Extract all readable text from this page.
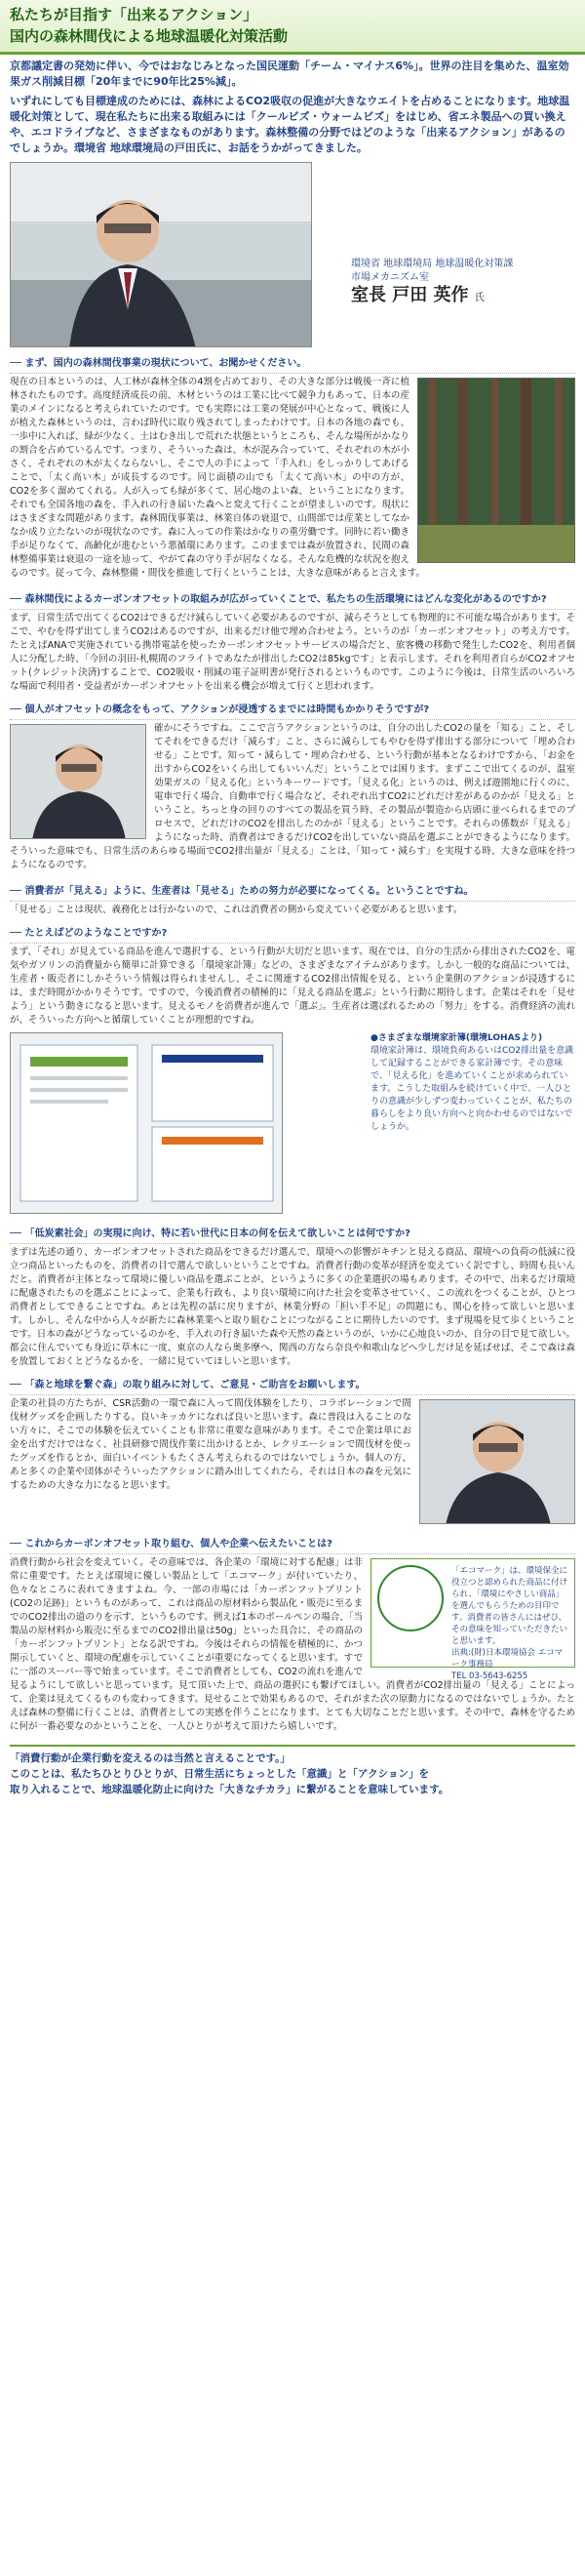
私たちが目指す「出来るアクション」
国内の森林間伐による地球温暖化対策活動

京都議定書の発効に伴い、今ではおなじみとなった国民運動「チーム・マイナス6%」。世界の注目を集めた、温室効果ガス削減目標「20年までに90年比25%減」。

いずれにしても目標達成のためには、森林によるCO2吸収の促進が大きなウエイトを占めることになります。地球温暖化対策として、現在私たちに出来る取組みには「クールビズ・ウォームビズ」をはじめ、省エネ製品への買い換えや、エコドライブなど、さまざまなものがあります。森林整備の分野ではどのような「出来るアクション」があるのでしょうか。環境省 地球環境局の戸田氏に、お話をうかがってきました。

環境省 地球環境局 地球温暖化対策課
市場メカニズム室
室長 戸田 英作 氏
── まず、国内の森林間伐事業の現状について、お聞かせください。

現在の日本というのは、人工林が森林全体の4割を占めており、その大きな部分は戦後一斉に植林されたものです。高度経済成長の前、木材というのは工業に比べて競争力もあって、日本の産業のメインになると考えられていたのです。でも実際には工業の発展が中心となって、戦後に人が植えた森林というのは、言わば時代に取り残されてしまったわけです。日本の各地の森でも、一歩中に入れば、緑が少なく、土はむき出しで荒れた状態というところも、そんな場所がかなりの割合を占めているんです。つまり、そういった森は、木が混み合っていて、それぞれの木が小さく、それぞれの木が太くならないし、そこで人の手によって「手入れ」をしっかりしてあげることで、「太く高い木」が成長するのです。同じ面積の山でも「太くて高い木」の中の方が、CO2を多く溜めてくれる。人が入っても緑が多くて、居心地のよい森、ということになります。それでも全国各地の森を、手入れの行き届いた森へと変えて行くことが望ましいのです。現状にはさまざまな問題があります。森林間伐事業は、林業自体の衰退で、山間部では産業としてなかなか成り立たないのが現状なのです。森に入っての作業はかなりの重労働です。同時に若い働き手が足りなくて、高齢化が進むという悪循環にあります。このままでは森が放置され、民間の森林整備事業は衰退の一途を辿って、やがて森の守り手が居なくなる。そんな危機的な状況を抱えるのです。従って今、森林整備・間伐を推進して行くということは、大きな意味があると言えます。

── 森林間伐によるカーボンオフセットの取組みが広がっていくことで、私たちの生活環境にはどんな変化があるのですか?

まず、日常生活で出てくるCO2はできるだけ減らしていく必要があるのですが、減らそうとしても物理的に不可能な場合があります。そこで、やむを得ず出てしまうCO2はあるのですが、出来るだけ他で埋め合わせよう。というのが「カーボンオフセット」の考え方です。たとえばANAで実施されている携帯電話を使ったカーボンオフセットサービスの場合だと、旅客機の移動で発生したCO2を、利用者個人に分配した時、「今回の羽田-札幌間のフライトであなたが排出したCO2は85kgです」と表示します。それを利用者自らがCO2オフセット(クレジット決済)することで、CO2吸収・削減の電子証明書が発行されるというものです。このように今後は、日常生活のいろいろな場面で利用者・受益者がカーボンオフセットを出来る機会が増えて行くと思われます。

── 個人がオフセットの概念をもって、アクションが浸透するまでには時間もかかりそうですが?

確かにそうですね。ここで言うアクションというのは、自分の出したCO2の量を「知る」こと、そしてそれをできるだけ「減らす」こと、さらに減らしてもやむを得ず排出する部分について「埋め合わせる」ことです。知って・減らして・埋め合わせる、という行動が基本となるわけですから、「お金を出すからCO2をいくら出してもいいんだ」ということでは困ります。まずここで出てくるのが、温室効果ガスの「見える化」というキーワードです。「見える化」というのは、例えば遊園地に行くのに、電車で行く場合、自動車で行く場合など、それぞれ出すCO2にどれだけ差があるのかが「見える」ということ。ちっと身の回りのすべての製品を買う時、その製品が製造から店頭に並べられるまでのプロセスで、どれだけのCO2を排出したのかが「見える」ということです。それらの係数が「見える」ようになった時、消費者はできるだけCO2を出していない商品を選ぶことができるようになります。そういった意味でも、日常生活のあらゆる場面でCO2排出量が「見える」ことは、「知って・減らす」を実現する時、大きな意味を持つようになるのです。

── 消費者が「見える」ように、生産者は「見せる」ための努力が必要になってくる。ということですね。

「見せる」ことは現状、義務化とは行かないので、これは消費者の側から変えていく必要があると思います。

── たとえばどのようなことですか?

まず、「それ」が見えている商品を進んで選択する、という行動が大切だと思います。現在では、自分の生活から排出されたCO2を、電気やガソリンの消費量から簡単に計算できる「環境家計簿」などの、さまざまなアイテムがあります。しかし一般的な商品については、生産者・販売者にしかそういう情報は得られませんし、そこに関連するCO2排出情報を見る、という企業側のアクションが浸透するには、まだ時間がかかりそうです。ですので、今後消費者の積極的に「見える商品を選ぶ」という行動に期待します。企業はそれを「見せよう」という動きになると思います。見えるモノを消費者が進んで「選ぶ」。生産者は選ばれるための「努力」をする。消費経済の流れが、そういった方向へと循環していくことが理想的ですね。

●さまざまな環境家計簿(環境LOHASより)
環境家計簿は、環境負荷あるいはCO2排出量を意識して記録することができる家計簿です。その意味で、「見える化」を進めていくことが求められています。こうした取組みを続けていく中で、一人ひとりの意識が少しずつ変わっていくことが、私たちの暮らしをより良い方向へと向かわせるのではないでしょうか。
── 「低炭素社会」の実現に向け、特に若い世代に日本の何を伝えて欲しいことは何ですか?

まずは先述の通り、カーボンオフセットされた商品をできるだけ選んで、環境への影響がキチンと見える商品、環境への負荷の低減に役立つ商品といったものを、消費者の目で選んで欲しいということですね。消費者行動の変革が経済を変えていく訳ですし、時間も長いんだと。消費者が主体となって環境に優しい商品を選ぶことが、というように多くの企業選択の場もあります。その中で、出来るだけ環境に配慮されたものを選ぶことによって、企業も行政も、より良い環境に向けた社会を変革させていく、この流れをつくることが、ひとつ消費者としてできることですね。あとは先程の話に戻りますが、林業分野の「担い手不足」の問題にも、関心を持って欲しいと思います。しかし、そんな中から人々が新たに森林業業へと取り組むことにつながることに期待したいのです。まず現場を見て歩くということです。日本の森がどうなっているのかを、手入れの行き届いた森や天然の森というのが、いかに心地良いのか、自分の目で見て欲しい。都会に住んでいても身近に草木に一度、東京の人なら奥多摩へ、関西の方なら奈良や和歌山などへ少しだけ足を延ばせば、そこで森は森を放置しておくとどうなるかを、一緒に見ていてほしいと思います。

── 「森と地球を繋ぐ森」の取り組みに対して、ご意見・ご助言をお願いします。

企業の社員の方たちが、CSR活動の一環で森に入って間伐体験をしたり、コラボレーションで間伐材グッズを企画したりする。良いキッカケになれば良いと思います。森に普段は入ることのない方々に、そこでの体験を伝えていくことも非常に重要な意味があります。そこで企業は単にお金を出すだけではなく、社員研修で間伐作業に出かけるとか、レクリエーションで間伐材を使ったグッズを作るとか、面白いイベントもたくさん考えられるのではないでしょうか。個人の方、あと多くの企業や団体がそういったアクションに踏み出してくれたら、それは日本の森を元気にするための大きな力になると思います。

── これからカーボンオフセット取り組む、個人や企業へ伝えたいことは?
「エコマーク」は、環境保全に役立つと認められた商品に付けられ、「環境にやさしい商品」を選んでもらうための目印です。消費者の皆さんにはぜひ、その意味を知っていただきたいと思います。
出典:(財)日本環境協会 エコマーク事務局
TEL 03-5643-6255

消費行動から社会を変えていく。その意味では、各企業の「環境に対する配慮」は非常に重要です。たとえば環境に優しい製品として「エコマーク」が付いていたり、色々なところに表れてきますよね。今、一部の市場には「カーボンフットプリント(CO2の足跡)」というものがあって、これは商品の原材料から製品化・販売に至るまでのCO2排出の道のりを示す、というものです。例えば1本のボールペンの場合、「当製品の原材料から販売に至るまでのCO2排出量は50g」といった具合に、その商品の「カーボンフットプリント」となる訳ですね。今後はそれらの情報を積極的に、かつ開示していくと、環境の配慮を示していくことが重要になってくると思います。すでに一部のスーパー等で始まっています。そこで消費者としても、CO2の流れを進んで見るようにして欲しいと思っています。見て頂いた上で、商品の選択にも繋げてほしい。消費者がCO2排出量の「見える」ことによって、企業は見えてくるものも変わってきます。見せることで効果もあるので、それがまた次の原動力になるのではないでしょうか。たとえば森林の整備に行くことは、消費者としての実感を伴うことになります。とても大切なことだと思います。その中で、森林を守るために何が一番必要なのかということを、一人ひとりが考えて頂けたら嬉しいです。

「消費行動が企業行動を変えるのは当然と言えることです。」
このことは、私たちひとりひとりが、日常生活にちょっとした「意識」と「アクション」を
取り入れることで、地球温暖化防止に向けた「大きなチカラ」に繋がることを意味しています。
